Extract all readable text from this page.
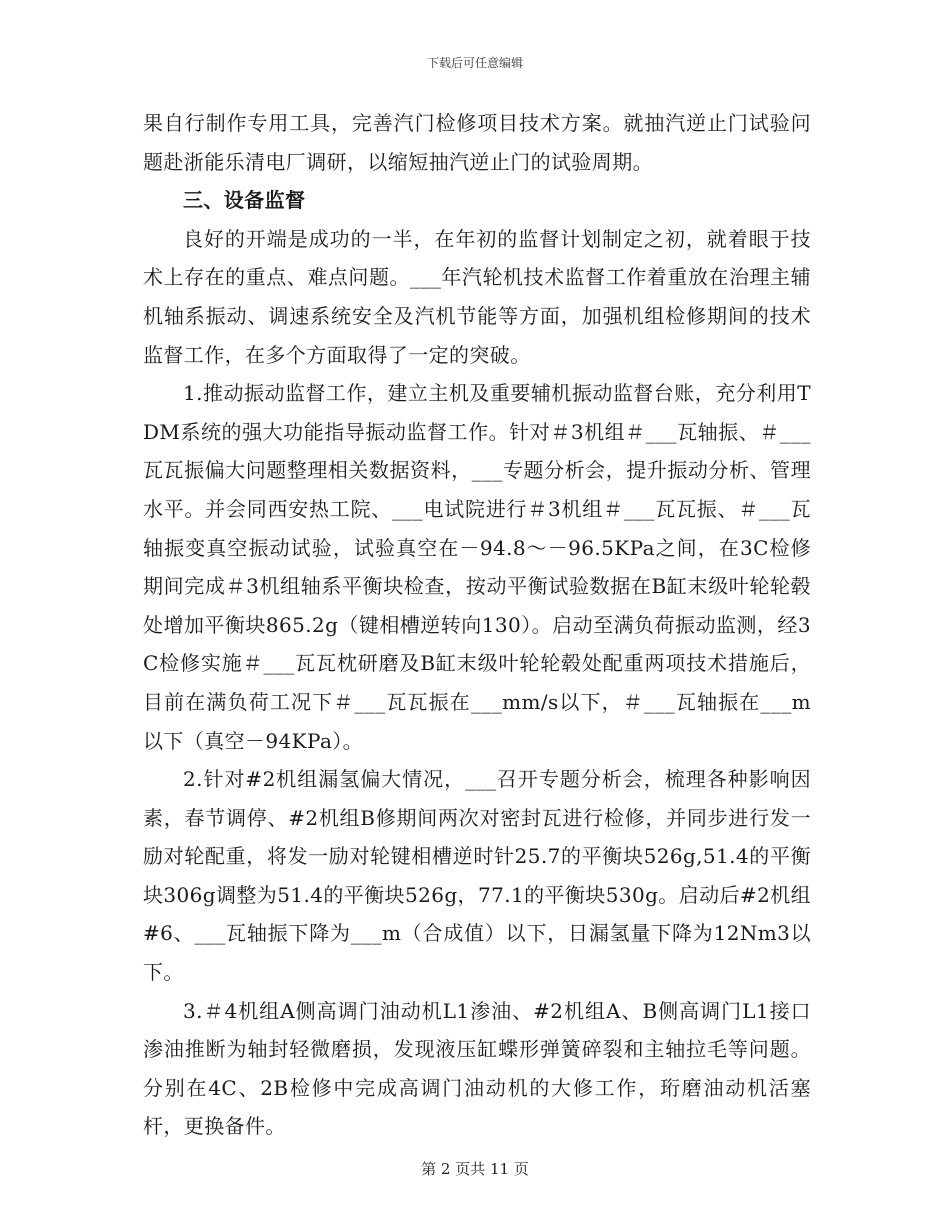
下载后可任意编辑

果自行制作专用工具，完善汽门检修项目技术方案。就抽汽逆止门试验问题赴浙能乐清电厂调研，以缩短抽汽逆止门的试验周期。

三、设备监督

良好的开端是成功的一半，在年初的监督计划制定之初，就着眼于技术上存在的重点、难点问题。___年汽轮机技术监督工作着重放在治理主辅机轴系振动、调速系统安全及汽机节能等方面，加强机组检修期间的技术监督工作，在多个方面取得了一定的突破。

1.推动振动监督工作，建立主机及重要辅机振动监督台账，充分利用TDM系统的强大功能指导振动监督工作。针对＃3机组＃___瓦轴振、＃___瓦瓦振偏大问题整理相关数据资料，___专题分析会，提升振动分析、管理水平。并会同西安热工院、___电试院进行＃3机组＃___瓦瓦振、＃___瓦轴振变真空振动试验，试验真空在－94.8～－96.5KPa之间，在3C检修期间完成＃3机组轴系平衡块检查，按动平衡试验数据在B缸末级叶轮轮毂处增加平衡块865.2g（键相槽逆转向130）。启动至满负荷振动监测，经3C检修实施＃___瓦瓦枕研磨及B缸末级叶轮轮毂处配重两项技术措施后，目前在满负荷工况下＃___瓦瓦振在___mm/s以下，＃___瓦轴振在___m以下（真空－94KPa）。

2.针对#2机组漏氢偏大情况，___召开专题分析会，梳理各种影响因素，春节调停、#2机组B修期间两次对密封瓦进行检修，并同步进行发一励对轮配重，将发一励对轮键相槽逆时针25.7的平衡块526g,51.4的平衡块306g调整为51.4的平衡块526g，77.1的平衡块530g。启动后#2机组#6、___瓦轴振下降为___m（合成值）以下，日漏氢量下降为12Nm3以下。

3.＃4机组A侧高调门油动机L1渗油、#2机组A、B侧高调门L1接口渗油推断为轴封轻微磨损，发现液压缸蝶形弹簧碎裂和主轴拉毛等问题。分别在4C、2B检修中完成高调门油动机的大修工作，珩磨油动机活塞杆，更换备件。

第 2 页共 11 页
